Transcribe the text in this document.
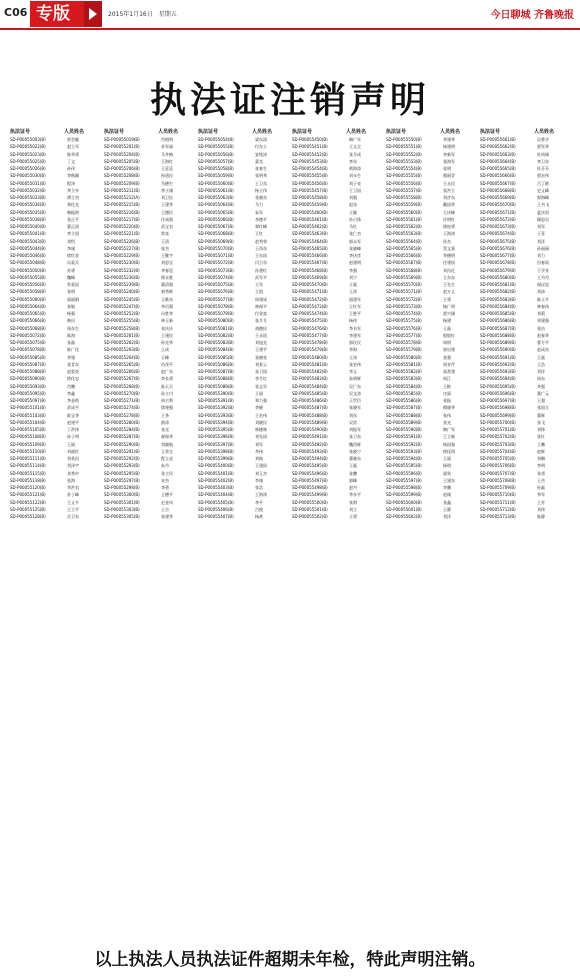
C06 专版	2015年1月16日　星期五	今日聊城 齐鲁晚报
执法证注销声明
执法证号	人员姓名
SD-P00055003(B)	贾会颖
SD-P00055022(B)	赵立军
SD-P00055023(B)	陈华勇
SD-P00055025(B)	丁文
SD-P00055026(B)	孙伟
SD-P00055030(B)	李秋颖
SD-P00055031(B)	程涛
SD-P00055032(B)	李立亭
SD-P00055033(B)	谭立杰
SD-P00055034(B)	郑化光
SD-P00055035(B)	韩振财
SD-P00055038(B)	张正平
SD-P00055040(B)	曹正清
SD-P00055041(B)	李立国
SD-P00055043(B)	刘绍
SD-P00055044(B)	李刚
SD-P00055046(B)	徐红英
SD-P00055048(B)	冯爱兵
SD-P00055050(B)	苏勇
SD-P00055055(B)	魏峰
SD-P00055056(B)	牟爱国
SD-P00055058(B)	张明
SD-P00055060(B)	邵丽娟
SD-P00055064(B)	张敏
SD-P00055065(B)	杨强
SD-P00055066(B)	柴田
SD-P00055068(B)	周东生
SD-P00055072(B)	陈海
SD-P00055075(B)	张磊
SD-P00055078(B)	陈广化
SD-P00055085(B)	李建
SD-P00055087(B)	张青东
SD-P00055088(B)	赵爱亮
SD-P00055090(B)	徐化忠
SD-P00055093(B)	肖鹏
SD-P00055095(B)	李鑫
SD-P00055097(B)	李金锁
SD-P00055101(B)	武成平
SD-P00055103(B)	陈宝华
SD-P00055104(B)	赵建平
SD-P00055105(B)	丁洪伟
SD-P00055108(B)	孙子明
SD-P00055109(B)	王丽
SD-P00055110(B)	刘福红
SD-P00055111(B)	刘希田
SD-P00055114(B)	刘泽宇
SD-P00055115(B)	刘秀中
SD-P00055118(B)	张海
SD-P00055120(B)	李洪君
SD-P00055121(B)	苏子峰
SD-P00055122(B)	王义平
SD-P00055125(B)	王立平
SD-P00055128(B)	岳卫东
执法证号	人员姓名
SD-P00055019(B)	肖相明
SD-P00055201(B)	苏军福
SD-P00055204(B)	马井梅
SD-P00055205(B)	王海红
SD-P00055206(B)	王廷廷
SD-P00055208(B)	孙道民
SD-P00055209(B)	马德生
SD-P00055211(B)	李立刚
SD-P00055212(A)	刘卫民
SD-P00055215(B)	王建华
SD-P00055216(B)	王德民
SD-P00055217(B)	任成润
SD-P00055220(B)	武宝君
SD-P00055221(B)	常亮
SD-P00055226(B)	王清
SD-P00055227(B)	张杰
SD-P00055229(B)	王继宇
SD-P00055230(B)	刘思宝
SD-P00055232(B)	李春廷
SD-P00055236(B)	徐永胜
SD-P00055239(B)	董清强
SD-P00055240(B)	郭秀辉
SD-P00055245(B)	王维东
SD-P00055247(B)	李丙强
SD-P00055252(B)	冯胜华
SD-P00055255(B)	林玉新
SD-P00055258(B)	张庆庆
SD-P00055261(B)	王建民
SD-P00055262(B)	孙克华
SD-P00055263(B)	王成
SD-P00055264(B)	王峰
SD-P00055265(B)	肖茂平
SD-P00055266(B)	赵广东
SD-P00055267(B)	李长勇
SD-P00055268(B)	陈天天
SD-P00055270(B)	孙立川
SD-P00055271(B)	单吉利
SD-P00055274(B)	徐建强
SD-P00055278(B)	王华
SD-P00055280(B)	俞涛
SD-P00055284(B)	张光
SD-P00055287(B)	郝保华
SD-P00055290(B)	刘晓航
SD-P00055291(B)	王荣全
SD-P00055292(B)	程立虎
SD-P00055293(B)	朱丹
SD-P00055295(B)	张立民
SD-P00055297(B)	宋杰
SD-P00055298(B)	李勇
SD-P00055300(B)	王德平
SD-P00055301(B)	史金凤
SD-P00055303(B)	王吉
SD-P00055305(B)	张建华
执法证号	人员姓名
SD-P00055054(B)	梁东清
SD-P00055055(B)	付东立
SD-P00055056(B)	安铭涛
SD-P00055057(B)	蒙克
SD-P00055058(B)	张春生
SD-P00055059(B)	张明秀
SD-P00055060(B)	王卫东
SD-P00055061(B)	杨立伟
SD-P00055063(B)	张晓东
SD-P00055064(B)	马力
SD-P00055065(B)	朱军
SD-P00055066(B)	李德平
SD-P00055067(B)	郑红峰
SD-P00055068(B)	王红
SD-P00055069(B)	赵秀荣
SD-P00055070(B)	王西东
SD-P00055071(B)	王东国
SD-P00055072(B)	闫卫东
SD-P00055073(B)	孙建红
SD-P00055074(B)	武军平
SD-P00055075(B)	王军
SD-P00055076(B)	王凯
SD-P00055077(B)	周建成
SD-P00055078(B)	林保平
SD-P00055079(B)	付金富
SD-P00055080(B)	张月艾
SD-P00055081(B)	胡德民
SD-P00055082(B)	王永国
SD-P00055083(B)	刘旭光
SD-P00055084(B)	王建平
SD-P00055085(B)	张晓亮
SD-P00055086(B)	刘景云
SD-P00055087(B)	张卫国
SD-P00055088(B)	李月红
SD-P00055089(B)	张志军
SD-P00055390(B)	王丽
SD-P00055391(B)	郑力强
SD-P00055392(B)	李健
SD-P00055393(B)	王宏伟
SD-P00055394(B)	刘晓民
SD-P00055395(B)	林德林
SD-P00055396(B)	刘先国
SD-P00055397(B)	刘军
SD-P00055398(B)	李伟
SD-P00055399(B)	刘焕
SD-P00055400(B)	王建国
SD-P00055401(B)	刘玉杰
SD-P00055402(B)	李康
SD-P00055403(B)	张浩
SD-P00055404(B)	王海涛
SD-P00055405(B)	李平
SD-P00055406(B)	吕俊
SD-P00055407(B)	杨欢
执法证号	人员姓名
SD-P00055450(B)	陶广军
SD-P00055451(B)	王文全
SD-P00055452(B)	张月成
SD-P00055453(B)	李东
SD-P00055454(B)	黄海涛
SD-P00055455(B)	刘永生
SD-P00055456(B)	刘子亮
SD-P00055457(B)	王卫国
SD-P00055458(B)	刘强
SD-P00055459(B)	赵良
SD-P00055460(B)	王颖
SD-P00055461(B)	孙占锋
SD-P00055462(B)	马红
SD-P00055463(B)	张仁杰
SD-P00055464(B)	郭永军
SD-P00055465(B)	张晓峰
SD-P00055466(B)	李庆彦
SD-P00055467(B)	赵建明
SD-P00055468(B)	李强
SD-P00055469(B)	刘宁
SD-P00055470(B)	王磊
SD-P00055471(B)	王涛
SD-P00055472(B)	邵建军
SD-P00055473(B)	王红军
SD-P00055474(B)	王胜平
SD-P00055475(B)	杨伟
SD-P00055476(B)	李书军
SD-P00055477(B)	李建军
SD-P00055478(B)	郭民民
SD-P00055479(B)	李海
SD-P00055480(B)	王涛
SD-P00055481(B)	张宏伟
SD-P00055482(B)	李玉
SD-P00055483(B)	朱明辉
SD-P00055484(B)	吴广东
SD-P00055485(B)	吴文涛
SD-P00055486(B)	王世臣
SD-P00055487(B)	张晓军
SD-P00055488(B)	刘东
SD-P00055489(B)	吴雷
SD-P00055490(B)	刘振军
SD-P00055491(B)	张卫东
SD-P00055492(B)	魏西辉
SD-P00055493(B)	张晓宁
SD-P00055494(B)	董晓东
SD-P00055495(B)	王磊
SD-P00055496(B)	张鹏
SD-P00055497(B)	郭峰
SD-P00055498(B)	赵丹
SD-P00055499(B)	李东平
SD-P00055500(B)	张海
SD-P00055501(B)	刘立
SD-P00055502(B)	王勇
执法证号	人员姓名
SD-P00055550(B)	李建华
SD-P00055551(B)	杨建明
SD-P00055552(B)	李新军
SD-P00055553(B)	张海军
SD-P00055554(B)	张明
SD-P00055555(B)	穆丽青
SD-P00055556(B)	王永民
SD-P00055557(B)	张洪立
SD-P00055558(B)	刘彦东
SD-P00055559(B)	戴国华
SD-P00055560(B)	王庆峰
SD-P00055561(B)	任明红
SD-P00055562(B)	徐连勇
SD-P00055563(B)	王海涛
SD-P00055564(B)	孙杰
SD-P00055565(B)	蔡文嘉
SD-P00055566(B)	李德明
SD-P00055567(B)	任建国
SD-P00055568(B)	刘丙化
SD-P00055569(B)	王东东
SD-P00055570(B)	王先生
SD-P00055571(B)	赵万义
SD-P00055572(B)	王勇
SD-P00055573(B)	杨广明
SD-P00055574(B)	贾兴刚
SD-P00055575(B)	杨建
SD-P00055576(B)	王磊
SD-P00055577(B)	殷银红
SD-P00055578(B)	周明
SD-P00055579(B)	崔启建
SD-P00055580(B)	张强
SD-P00055581(B)	周亚芹
SD-P00055582(B)	高常建
SD-P00055583(B)	周江
SD-P00055584(B)	王彬
SD-P00055585(B)	庄丽
SD-P00055586(B)	张振
SD-P00055587(B)	穆晓华
SD-P00055588(B)	张伟
SD-P00055589(B)	张光
SD-P00055590(B)	陶广军
SD-P00055591(B)	王立新
SD-P00055592(B)	杨国强
SD-P00055593(B)	徐佳琪
SD-P00055594(B)	王丽
SD-P00055595(B)	杨明
SD-P00055596(B)	梁英
SD-P00055597(B)	王建东
SD-P00055598(B)	李鹏
SD-P00055599(B)	赵刚
SD-P00055600(B)	张鑫
SD-P00055601(B)	王静
SD-P00055602(B)	刘洋
执法证号	人员姓名
SD-P00055661(B)	吴香学
SD-P00055662(B)	贾军华
SD-P00055663(B)	杜尚瑞
SD-P00055664(B)	李卫东
SD-P00055665(B)	杜芬芬
SD-P00055666(B)	贾宏伟
SD-P00055667(B)	吕丁群
SD-P00055668(B)	史义峰
SD-P00055669(B)	郭海峰
SD-P00055670(B)	王书飞
SD-P00055671(B)	夏庆训
SD-P00055672(B)	顾思贞
SD-P00055673(B)	刘军
SD-P00055674(B)	王菲
SD-P00055675(B)	刘洋
SD-P00055676(B)	孙丽丽
SD-P00055677(B)	刘力
SD-P00055678(B)	田春雨
SD-P00055679(B)	于学亚
SD-P00055680(B)	王丹丹
SD-P00055681(B)	闻仪忠
SD-P00055682(B)	刘沛
SD-P00055683(B)	陈立平
SD-P00055684(B)	林春伟
SD-P00055685(B)	刘莉
SD-P00055686(B)	邓建强
SD-P00055687(B)	张洁
SD-P00055688(B)	赵春华
SD-P00055689(B)	曹方平
SD-P00055690(B)	赵成东
SD-P00055691(B)	王磊
SD-P00055692(B)	王浩
SD-P00055693(B)	刘洋
SD-P00055694(B)	周东
SD-P00055695(B)	李强
SD-P00055696(B)	董广元
SD-P00055697(B)	王超
SD-P00055698(B)	张国立
SD-P00055699(B)	董辉
SD-P00055700(B)	张飞
SD-P00055701(B)	刘锋
SD-P00055702(B)	张红
SD-P00055703(B)	王鹏
SD-P00055704(B)	赵辉
SD-P00055705(B)	刘琳
SD-P00055706(B)	李明
SD-P00055707(B)	张勇
SD-P00055708(B)	王杰
SD-P00055709(B)	孙磊
SD-P00055710(B)	李军
SD-P00055711(B)	王芳
SD-P00055712(B)	刘伟
SD-P00055713(B)	陈静
以上执法人员执法证件超期未年检，特此声明注销。
